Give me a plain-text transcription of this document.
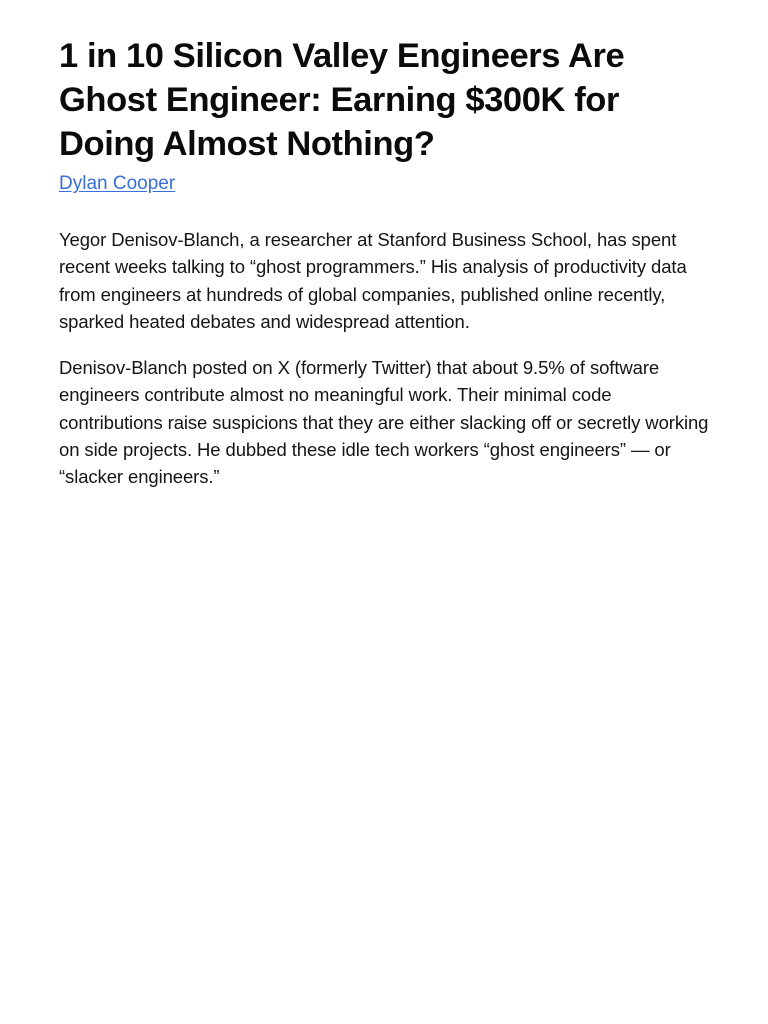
1 in 10 Silicon Valley Engineers Are Ghost Engineer: Earning $300K for Doing Almost Nothing?
Dylan Cooper

Yegor Denisov-Blanch, a researcher at Stanford Business School, has spent recent weeks talking to “ghost programmers.” His analysis of productivity data from engineers at hundreds of global companies, published online recently, sparked heated debates and widespread attention.

Denisov-Blanch posted on X (formerly Twitter) that about 9.5% of software engineers contribute almost no meaningful work. Their minimal code contributions raise suspicions that they are either slacking off or secretly working on side projects. He dubbed these idle tech workers “ghost engineers” — or “slacker engineers.”
